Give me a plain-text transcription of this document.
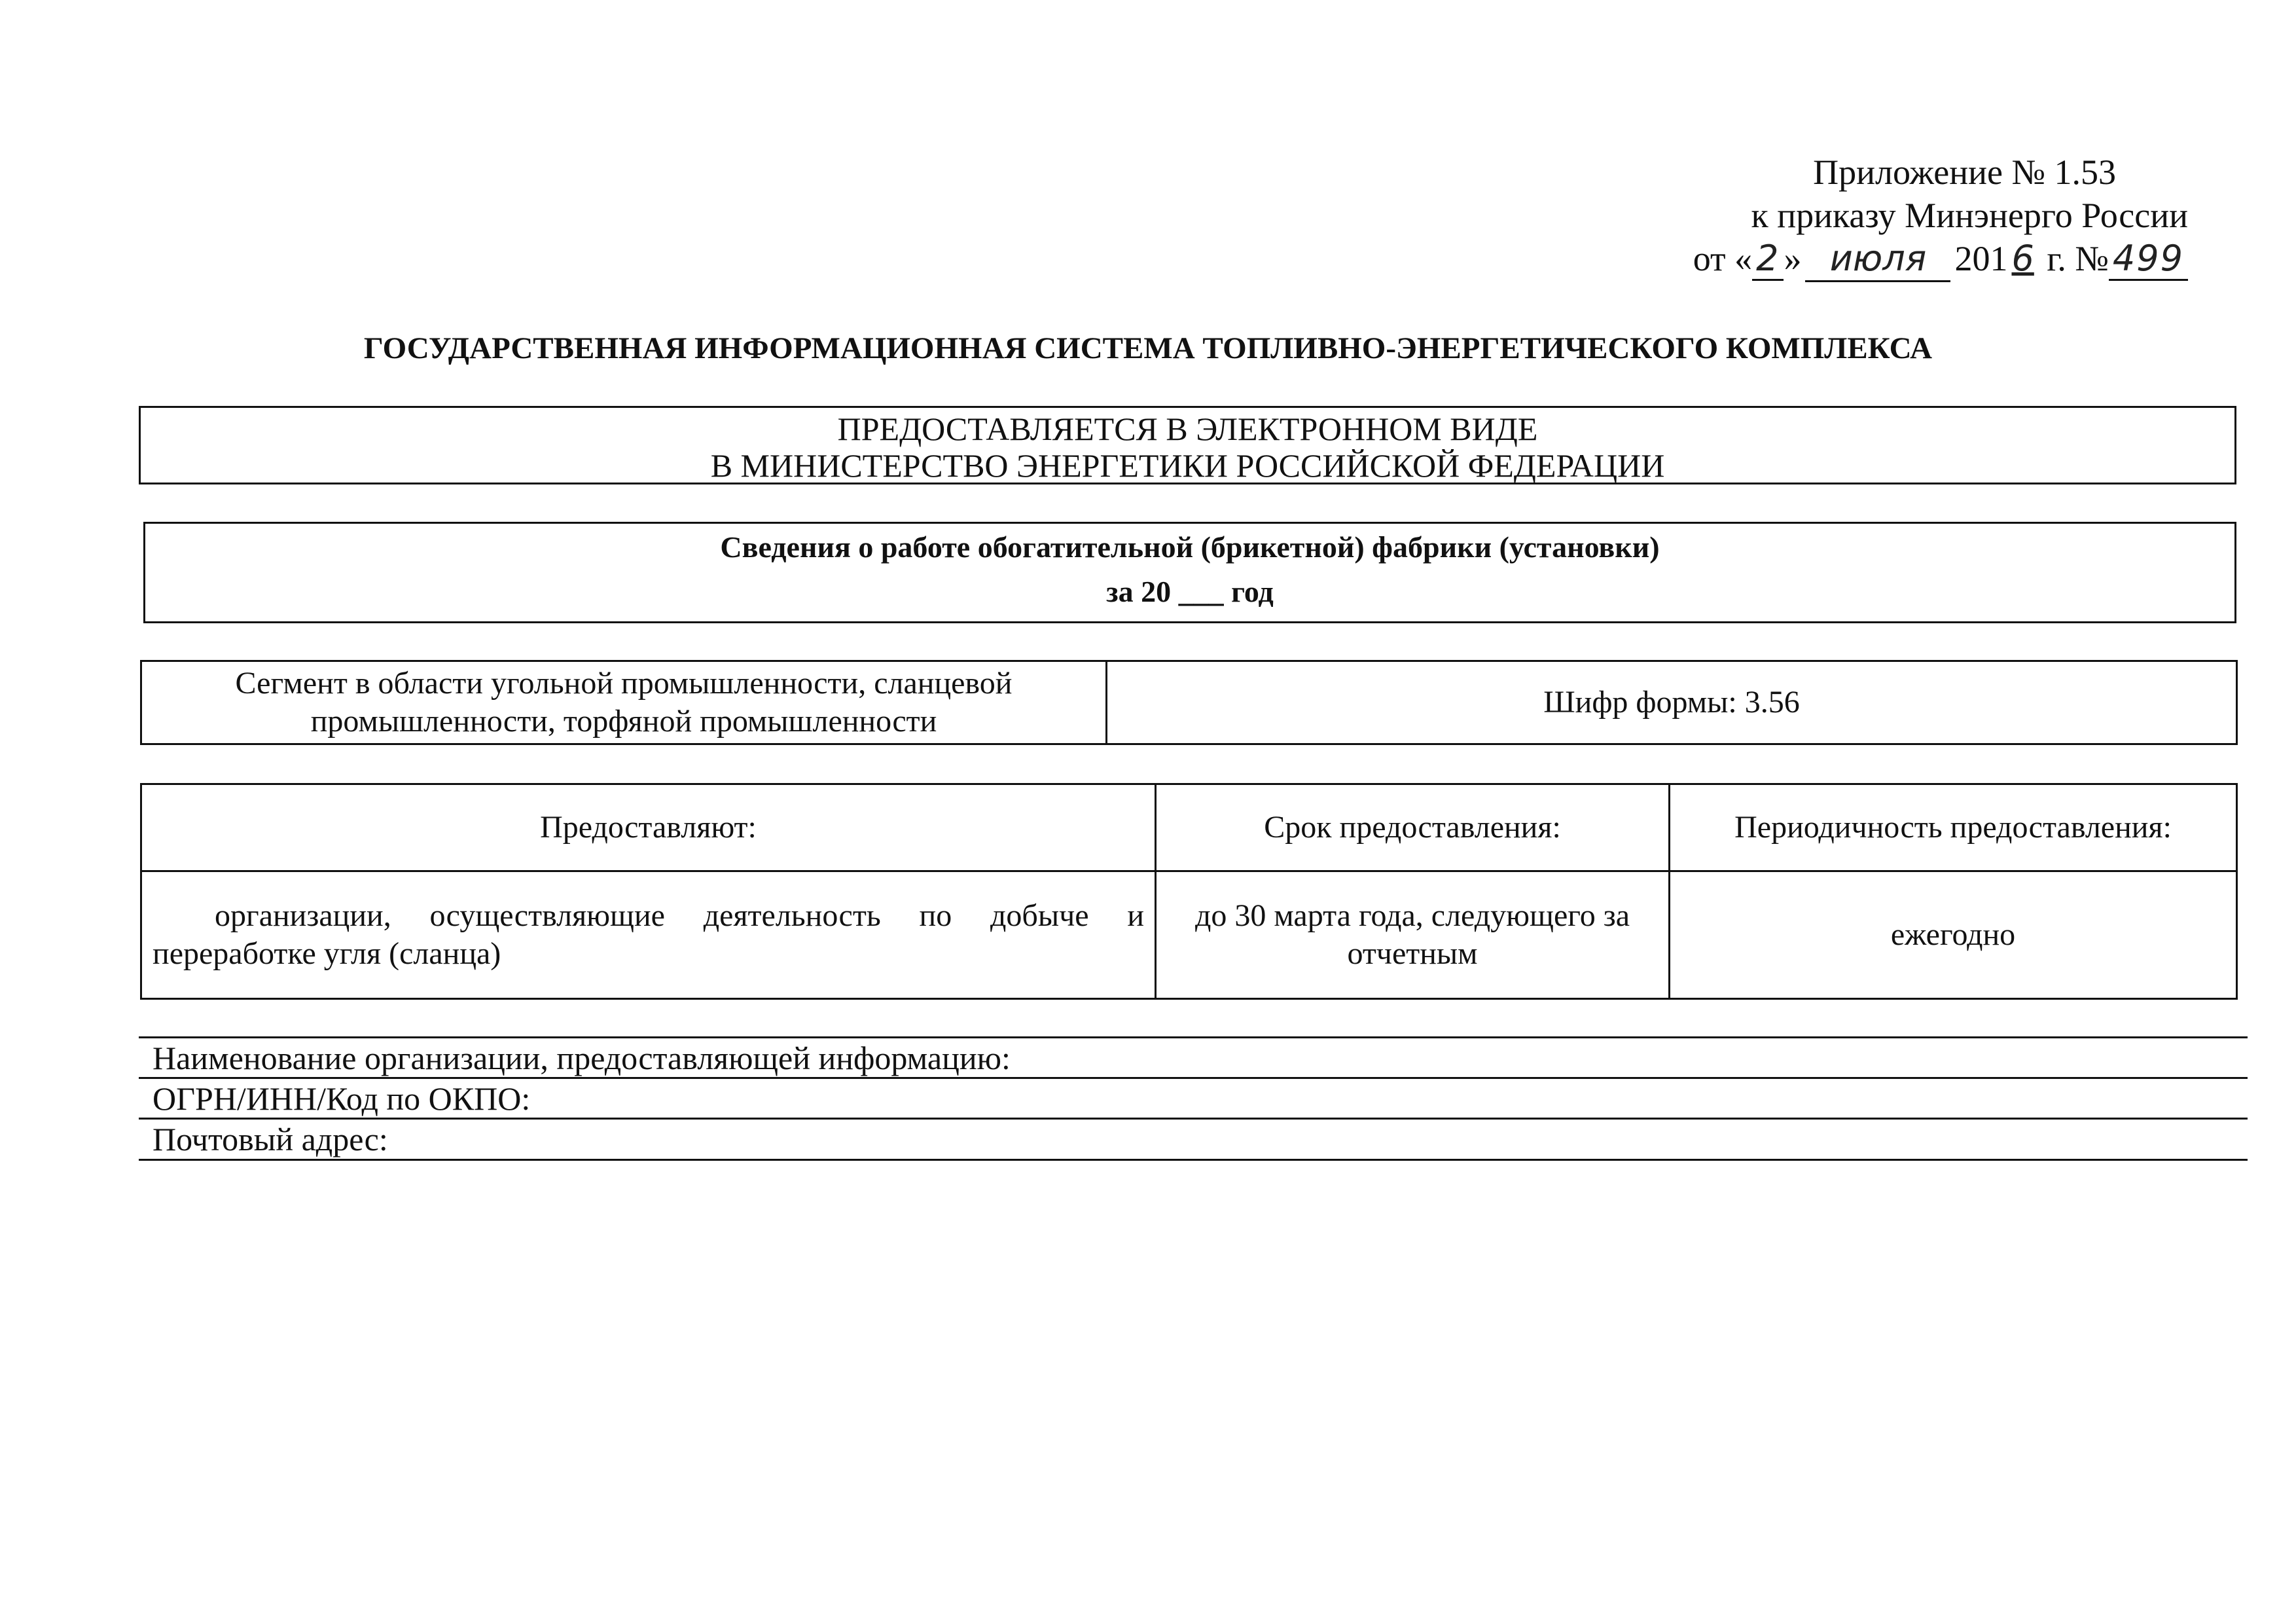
Приложение № 1.53
к приказу Минэнерго России
от « 2 » июля 201 6 г. № 499
ГОСУДАРСТВЕННАЯ ИНФОРМАЦИОННАЯ СИСТЕМА ТОПЛИВНО-ЭНЕРГЕТИЧЕСКОГО КОМПЛЕКСА
ПРЕДОСТАВЛЯЕТСЯ В ЭЛЕКТРОННОМ ВИДЕ
В МИНИСТЕРСТВО ЭНЕРГЕТИКИ РОССИЙСКОЙ ФЕДЕРАЦИИ
Сведения о работе обогатительной (брикетной) фабрики (установки)
за 20 ___ год
Сегмент в области угольной промышленности, сланцевой промышленности, торфяной промышленности	Шифр формы: 3.56
Предоставляют:	Срок предоставления:	Периодичность предоставления:
организации, осуществляющие деятельность по добыче и переработке угля (сланца)	до 30 марта года, следующего за отчетным	ежегодно
Наименование организации, предоставляющей информацию:
ОГРН/ИНН/Код по ОКПО:
Почтовый адрес:
